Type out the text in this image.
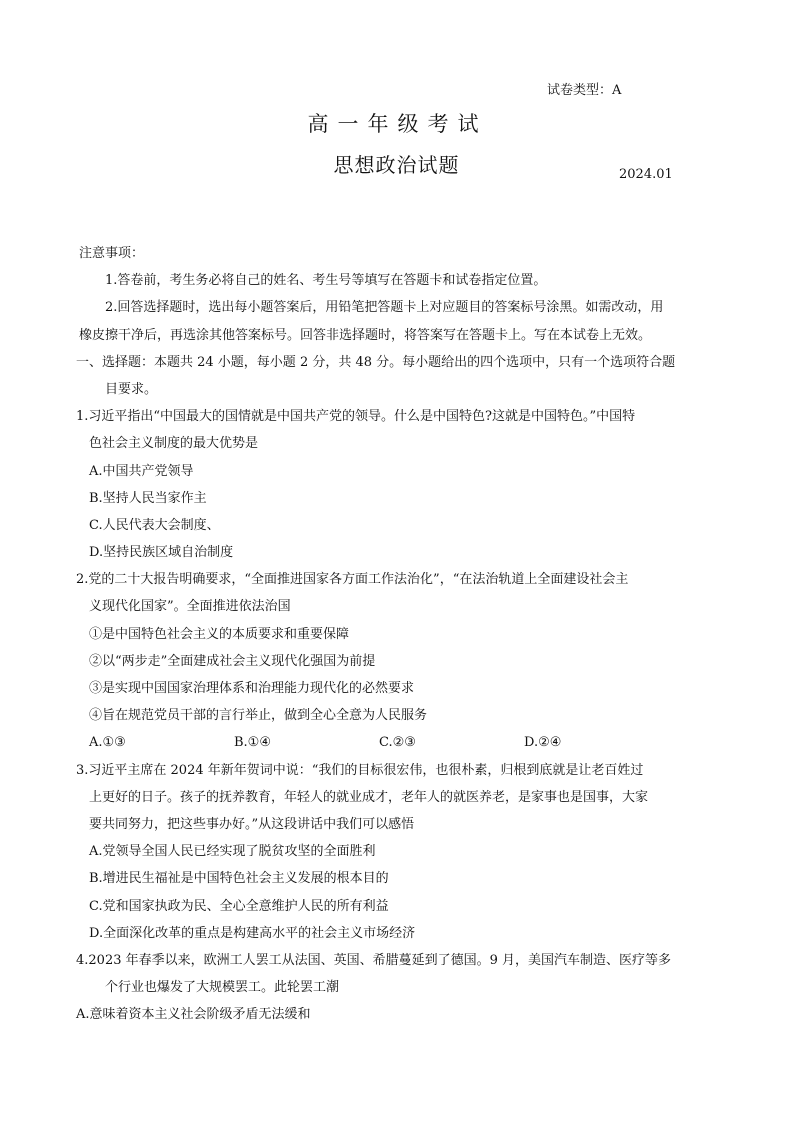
试卷类型：A
高一年级考试
思想政治试题	2024.01
注意事项：
1.答卷前，考生务必将自己的姓名、考生号等填写在答题卡和试卷指定位置。
2.回答选择题时，选出每小题答案后，用铅笔把答题卡上对应题目的答案标号涂黑。如需改动，用
橡皮擦干净后，再选涂其他答案标号。回答非选择题时，将答案写在答题卡上。写在本试卷上无效。
一、选择题：本题共 24 小题，每小题 2 分，共 48 分。每小题给出的四个选项中，只有一个选项符合题
目要求。
1.习近平指出“中国最大的国情就是中国共产党的领导。什么是中国特色?这就是中国特色。”中国特
色社会主义制度的最大优势是
A.中国共产党领导
B.坚持人民当家作主
C.人民代表大会制度、
D.坚持民族区域自治制度
2.党的二十大报告明确要求，“全面推进国家各方面工作法治化”，“在法治轨道上全面建设社会主
义现代化国家”。全面推进依法治国
①是中国特色社会主义的本质要求和重要保障
②以“两步走”全面建成社会主义现代化强国为前提
③是实现中国国家治理体系和治理能力现代化的必然要求
④旨在规范党员干部的言行举止，做到全心全意为人民服务
A.①③	B.①④	C.②③	D.②④
3.习近平主席在 2024 年新年贺词中说：“我们的目标很宏伟，也很朴素，归根到底就是让老百姓过
上更好的日子。孩子的抚养教育，年轻人的就业成才，老年人的就医养老，是家事也是国事，大家
要共同努力，把这些事办好。”从这段讲话中我们可以感悟
A.党领导全国人民已经实现了脱贫攻坚的全面胜利
B.增进民生福祉是中国特色社会主义发展的根本目的
C.党和国家执政为民、全心全意维护人民的所有利益
D.全面深化改革的重点是构建高水平的社会主义市场经济
4.2023 年春季以来，欧洲工人罢工从法国、英国、希腊蔓延到了德国。9 月，美国汽车制造、医疗等多
个行业也爆发了大规模罢工。此轮罢工潮
A.意味着资本主义社会阶级矛盾无法缓和
